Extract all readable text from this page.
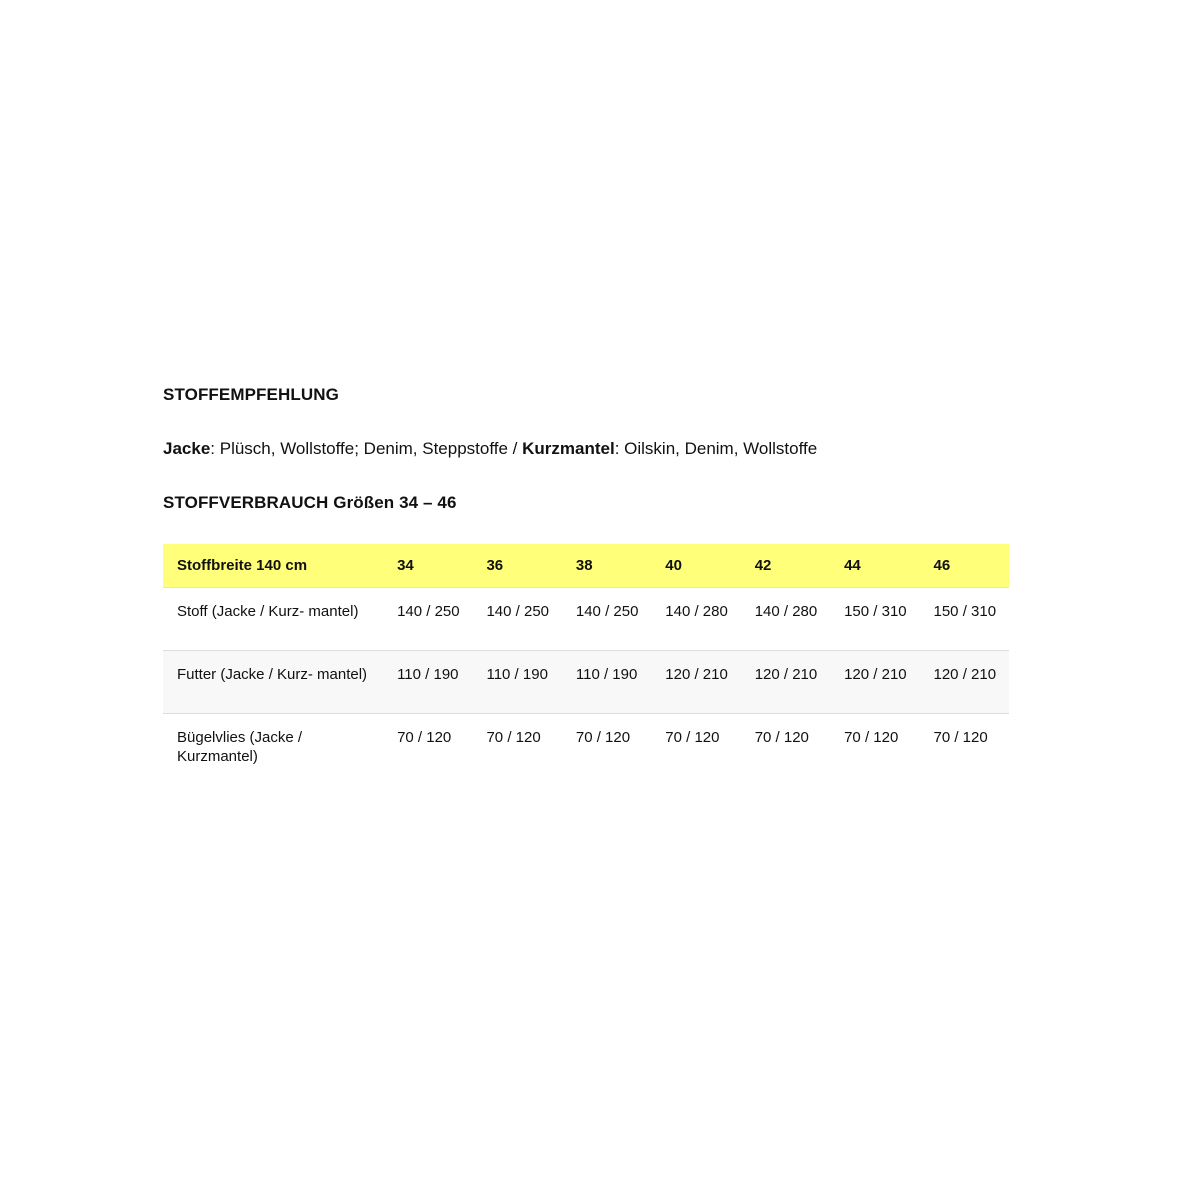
STOFFEMPFEHLUNG

Jacke: Plüsch, Wollstoffe; Denim, Steppstoffe / Kurzmantel: Oilskin, Denim, Wollstoffe

STOFFVERBRAUCH Größen 34 – 46
Stoffbreite 140 cm	34	36	38	40	42	44	46
Stoff (Jacke / Kurz- mantel)	140 / 250	140 / 250	140 / 250	140 / 280	140 / 280	150 / 310	150 / 310
Futter (Jacke / Kurz- mantel)	110 / 190	110 / 190	110 / 190	120 / 210	120 / 210	120 / 210	120 / 210
Bügelvlies (Jacke / Kurzmantel)	70 / 120	70 / 120	70 / 120	70 / 120	70 / 120	70 / 120	70 / 120
